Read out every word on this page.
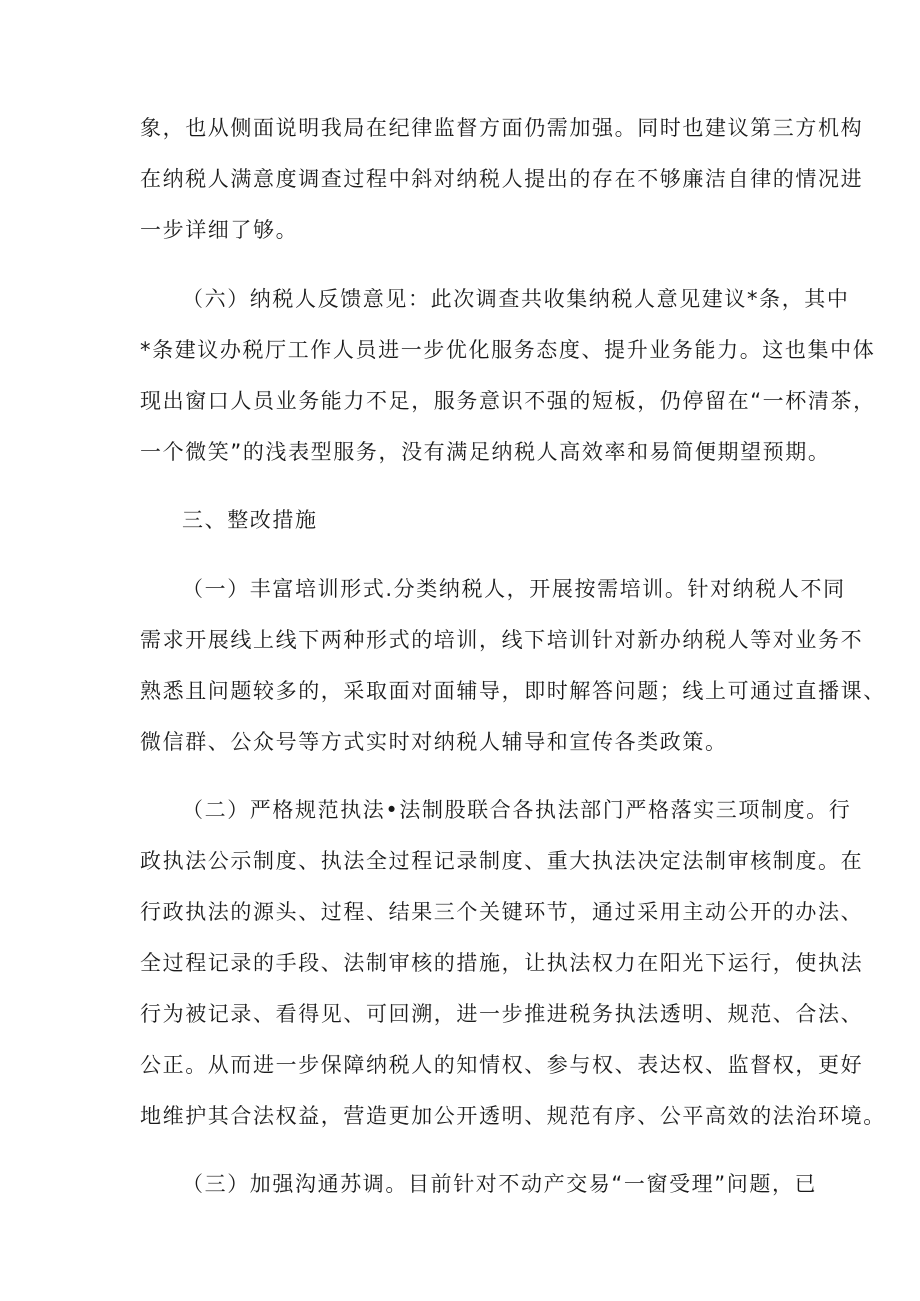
象，也从侧面说明我局在纪律监督方面仍需加强。同时也建议第三方机构
在纳税人满意度调查过程中斜对纳税人提出的存在不够廉洁自律的情况进
一步详细了够。
（六）纳税人反馈意见：此次调查共收集纳税人意见建议*条，其中
*条建议办税厅工作人员进一步优化服务态度、提升业务能力。这也集中体
现出窗口人员业务能力不足，服务意识不强的短板，仍停留在“一杯清茶，
一个微笑”的浅表型服务，没有满足纳税人高效率和易简便期望预期。
三、整改措施
（一）丰富培训形式.分类纳税人，开展按需培训。针对纳税人不同
需求开展线上线下两种形式的培训，线下培训针对新办纳税人等对业务不
熟悉且问题较多的，采取面对面辅导，即时解答问题；线上可通过直播课、
微信群、公众号等方式实时对纳税人辅导和宣传各类政策。
（二）严格规范执法•法制股联合各执法部门严格落实三项制度。行
政执法公示制度、执法全过程记录制度、重大执法决定法制审核制度。在
行政执法的源头、过程、结果三个关键环节，通过采用主动公开的办法、
全过程记录的手段、法制审核的措施，让执法权力在阳光下运行，使执法
行为被记录、看得见、可回溯，进一步推进税务执法透明、规范、合法、
公正。从而进一步保障纳税人的知情权、参与权、表达权、监督权，更好
地维护其合法权益，营造更加公开透明、规范有序、公平高效的法治环境。
（三）加强沟通苏调。目前针对不动产交易“一窗受理”问题，已
